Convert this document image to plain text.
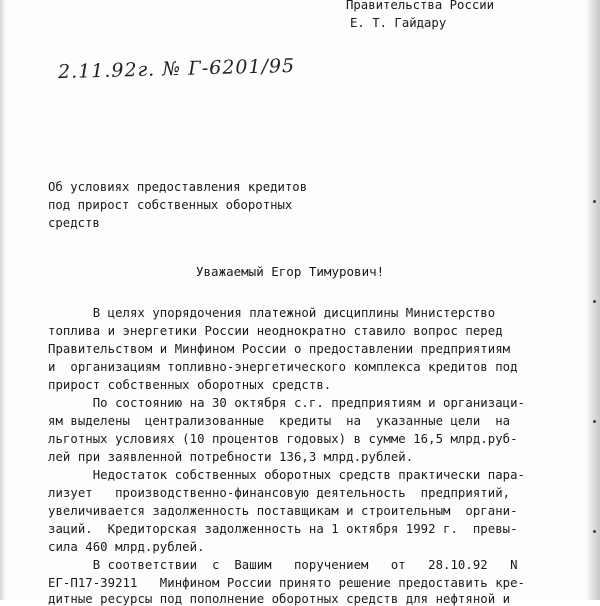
Правительства России
Е. Т. Гайдару
2.11.92г. № Г-6201/95
Об условиях предоставления кредитов
под прирост собственных оборотных
средств
Уважаемый Егор Тимурович!
В целях упорядочения платежной дисциплины Министерство
топлива и энергетики России неоднократно ставило вопрос перед
Правительством и Минфином России о предоставлении предприятиям
и  организациям топливно-энергетического комплекса кредитов под
прирост собственных оборотных средств.
По состоянию на 30 октября с.г. предприятиям и организаци-
ям выделены  централизованные  кредиты  на  указанные цели  на
льготных условиях (10 процентов годовых) в сумме 16,5 млрд.руб-
лей при заявленной потребности 136,3 млрд.рублей.
Недостаток собственных оборотных средств практически пара-
лизует   производственно-финансовую деятельность  предприятий,
увеличивается задолженность поставщикам и строительным  органи-
заций.  Кредиторская задолженность на 1 октября 1992 г.  превы-
сила 460 млрд.рублей.
В соответствии  с  Вашим   поручением   от   28.10.92   N
ЕГ-П17-39211   Минфином России принято решение предоставить кре-
дитные ресурсы под пополнение оборотных средств для нефтяной и
